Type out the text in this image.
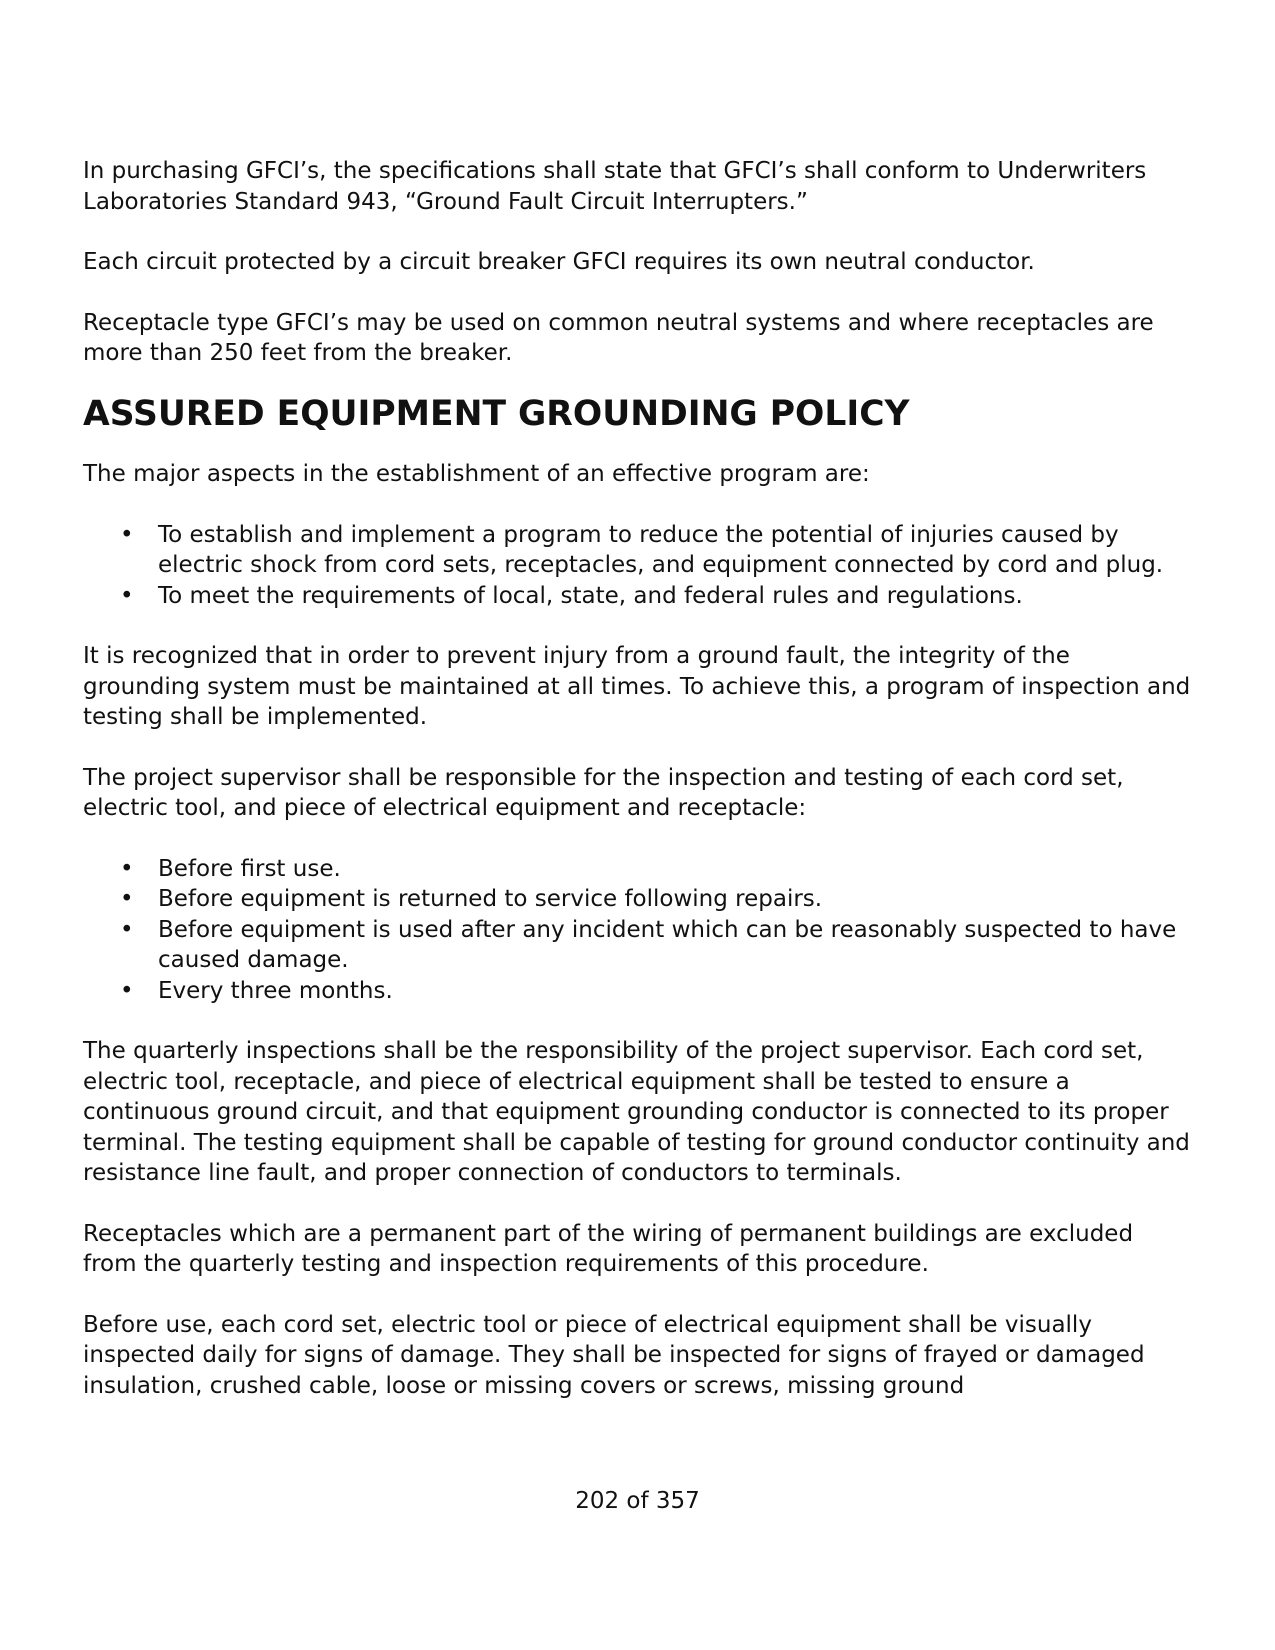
In purchasing GFCI’s, the specifications shall state that GFCI’s shall conform to Underwriters Laboratories Standard 943, “Ground Fault Circuit Interrupters.”

Each circuit protected by a circuit breaker GFCI requires its own neutral conductor.

Receptacle type GFCI’s may be used on common neutral systems and where receptacles are more than 250 feet from the breaker.

ASSURED EQUIPMENT GROUNDING POLICY

The major aspects in the establishment of an effective program are:

• To establish and implement a program to reduce the potential of injuries caused by electric shock from cord sets, receptacles, and equipment connected by cord and plug.
• To meet the requirements of local, state, and federal rules and regulations.

It is recognized that in order to prevent injury from a ground fault, the integrity of the grounding system must be maintained at all times. To achieve this, a program of inspection and testing shall be implemented.

The project supervisor shall be responsible for the inspection and testing of each cord set, electric tool, and piece of electrical equipment and receptacle:

• Before first use.
• Before equipment is returned to service following repairs.
• Before equipment is used after any incident which can be reasonably suspected to have caused damage.
• Every three months.

The quarterly inspections shall be the responsibility of the project supervisor. Each cord set, electric tool, receptacle, and piece of electrical equipment shall be tested to ensure a continuous ground circuit, and that equipment grounding conductor is connected to its proper terminal. The testing equipment shall be capable of testing for ground conductor continuity and resistance line fault, and proper connection of conductors to terminals.

Receptacles which are a permanent part of the wiring of permanent buildings are excluded from the quarterly testing and inspection requirements of this procedure.

Before use, each cord set, electric tool or piece of electrical equipment shall be visually inspected daily for signs of damage. They shall be inspected for signs of frayed or damaged insulation, crushed cable, loose or missing covers or screws, missing ground

202 of 357
